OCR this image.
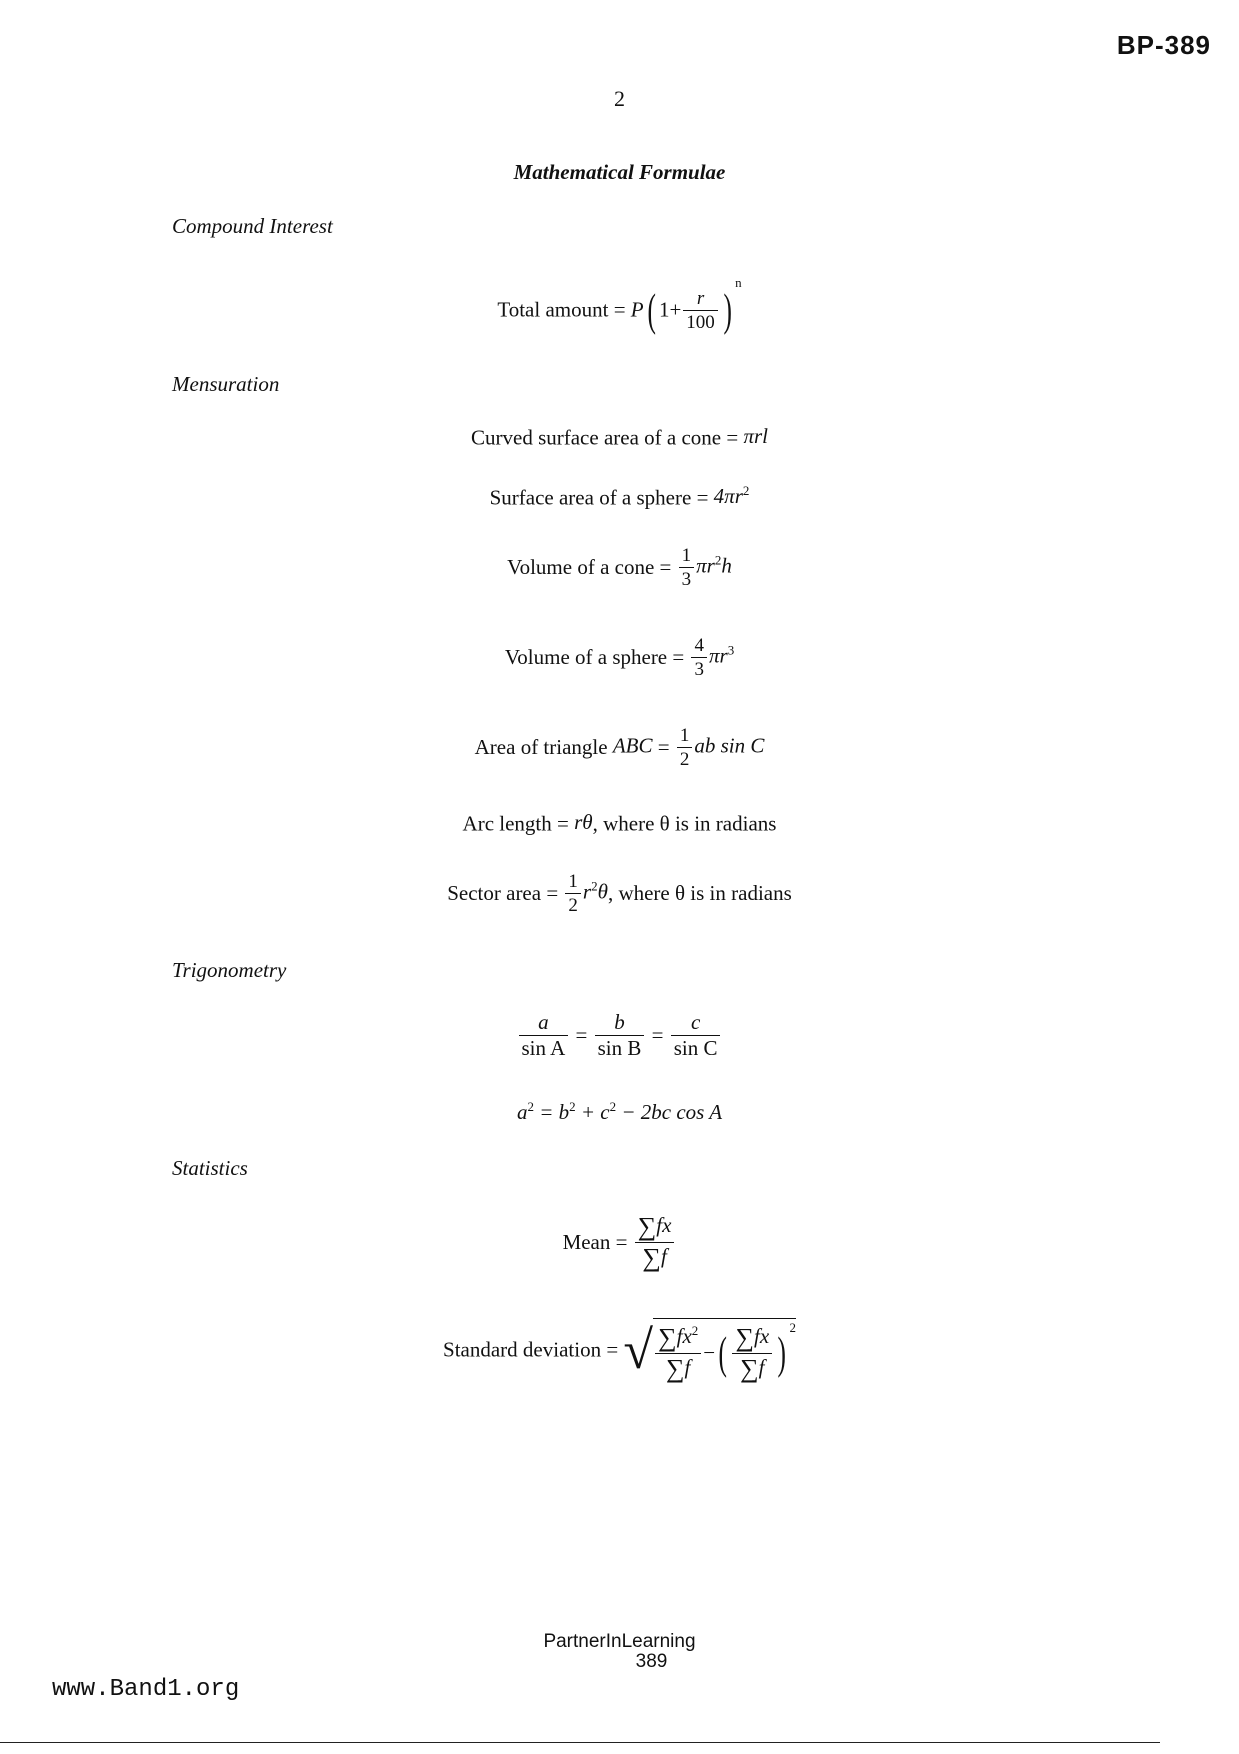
BP-389
2
Mathematical Formulae
Compound Interest
Total amount = P( $1+ \frac{r}{100} )^n$
Mensuration
Curved surface area of a cone = πrl
Surface area of a sphere = $4\pi r^2$
Volume of a cone = $\frac{1}{3} \pi r^2h$
Volume of a sphere = $\frac{4}{3} \pi r^3$
Area of triangle ABC = $\frac{1}{2}$ ab sin C
Arc length = rθ, where θ is in radians
Sector area = $\frac{1}{2} r^2\theta$, where θ is in radians
Trigonometry
$\frac{a}{\text{sin A}} = \frac{b}{\text{sin B}} = \frac{c}{\text{sin C}}$
$a^2 = b^2 + c^2 - 2bc$ cos A
Statistics
Mean = $\frac{\sum fx}{\sum f}$
Standard deviation = √ $\frac{\sum fx^2}{\sum f}$ −( $\frac{\sum fx}{\sum f}$ ) $^2$
PartnerInLearning
389
www.Band1.org
